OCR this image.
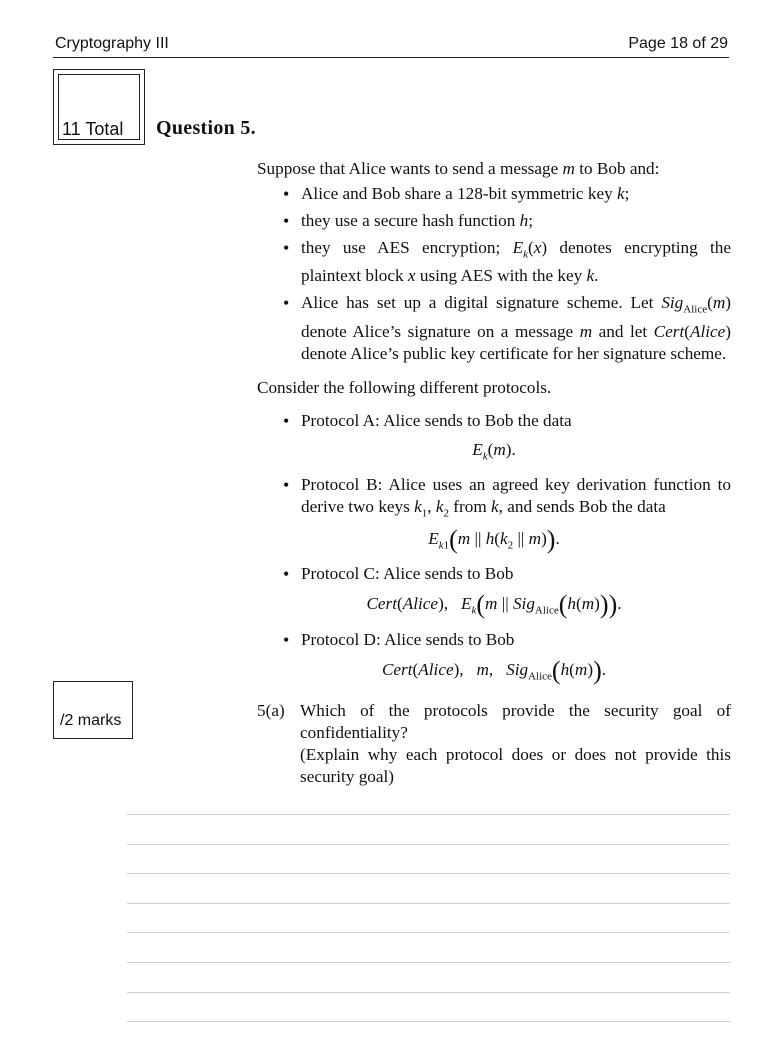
Cryptography III	Page 18 of 29
11 Total Question 5.
Suppose that Alice wants to send a message m to Bob and:
• Alice and Bob share a 128-bit symmetric key k;
• they use a secure hash function h;
• they use AES encryption; $E_k(x)$ denotes encrypting the plaintext block x using AES with the key k.
• Alice has set up a digital signature scheme. Let Sig$_{Alice}$(m) denote Alice’s signature on a message m and let Cert(Alice) denote Alice’s public key certificate for her signature scheme.
Consider the following different protocols.
• Protocol A: Alice sends to Bob the data
$E_k(m)$.
• Protocol B: Alice uses an agreed key derivation function to derive two keys $k_1$, $k_2$ from k, and sends Bob the data
$E_{k1}(m$ || $h(k_2$ || m)).
• Protocol C: Alice sends to Bob
Cert(Alice),   $E_k(m$ || Sig$_{Alice}$(h(m))).
• Protocol D: Alice sends to Bob
Cert(Alice),   m,   Sig$_{Alice}$(h(m)).
/2 marks
5(a) Which of the protocols provide the security goal of confidentiality?
(Explain why each protocol does or does not provide this security goal)
